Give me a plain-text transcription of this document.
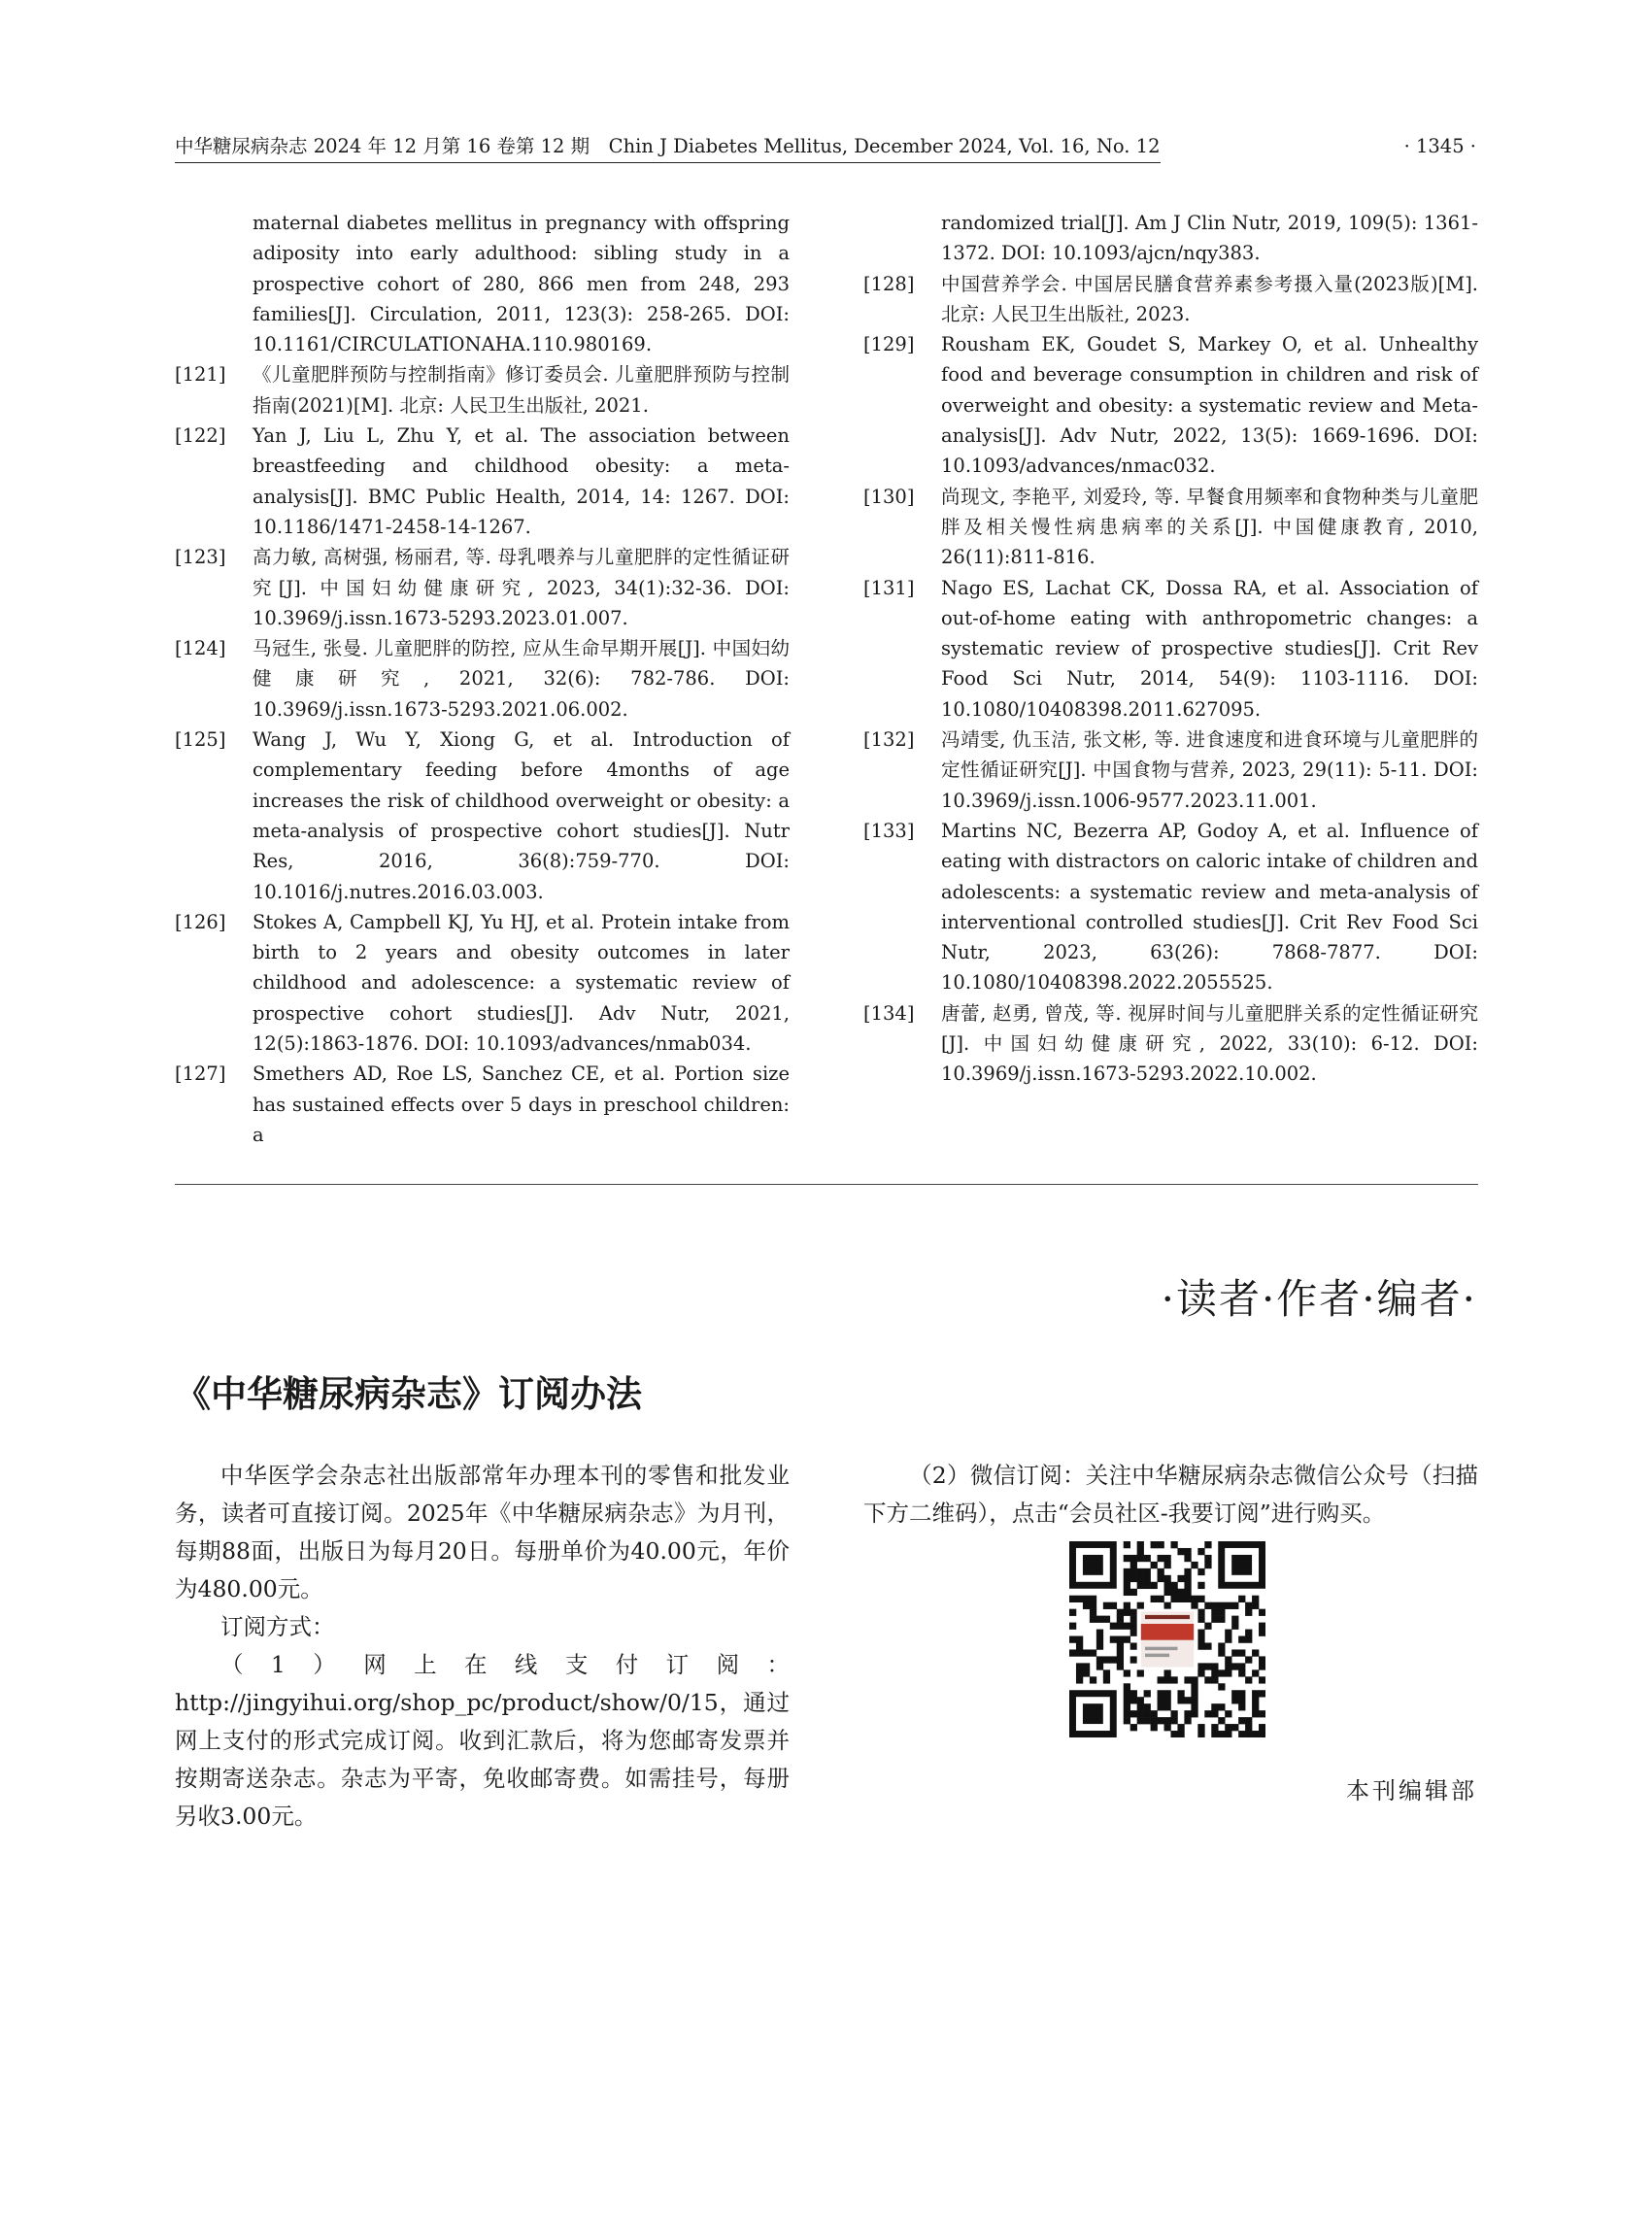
中华糖尿病杂志 2024 年 12 月第 16 卷第 12 期　Chin J Diabetes Mellitus, December 2024, Vol. 16, No. 12	· 1345 ·
maternal diabetes mellitus in pregnancy with offspring adiposity into early adulthood: sibling study in a prospective cohort of 280, 866 men from 248, 293 families[J]. Circulation, 2011, 123(3): 258-265. DOI: 10.1161/CIRCULATIONAHA.110.980169.
[121] 《儿童肥胖预防与控制指南》修订委员会. 儿童肥胖预防与控制指南(2021)[M]. 北京: 人民卫生出版社, 2021.
[122] Yan J, Liu L, Zhu Y, et al. The association between breastfeeding and childhood obesity: a meta-analysis[J]. BMC Public Health, 2014, 14: 1267. DOI: 10.1186/1471-2458-14-1267.
[123] 高力敏, 高树强, 杨丽君, 等. 母乳喂养与儿童肥胖的定性循证研究[J]. 中国妇幼健康研究, 2023, 34(1):32-36. DOI: 10.3969/j.issn.1673-5293.2023.01.007.
[124] 马冠生, 张曼. 儿童肥胖的防控, 应从生命早期开展[J]. 中国妇幼健康研究, 2021, 32(6): 782-786. DOI: 10.3969/j.issn.1673-5293.2021.06.002.
[125] Wang J, Wu Y, Xiong G, et al. Introduction of complementary feeding before 4months of age increases the risk of childhood overweight or obesity: a meta-analysis of prospective cohort studies[J]. Nutr Res, 2016, 36(8):759-770. DOI: 10.1016/j.nutres.2016.03.003.
[126] Stokes A, Campbell KJ, Yu HJ, et al. Protein intake from birth to 2 years and obesity outcomes in later childhood and adolescence: a systematic review of prospective cohort studies[J]. Adv Nutr, 2021, 12(5):1863-1876. DOI: 10.1093/advances/nmab034.
[127] Smethers AD, Roe LS, Sanchez CE, et al. Portion size has sustained effects over 5 days in preschool children: a
randomized trial[J]. Am J Clin Nutr, 2019, 109(5): 1361-1372. DOI: 10.1093/ajcn/nqy383.
[128] 中国营养学会. 中国居民膳食营养素参考摄入量(2023版)[M]. 北京: 人民卫生出版社, 2023.
[129] Rousham EK, Goudet S, Markey O, et al. Unhealthy food and beverage consumption in children and risk of overweight and obesity: a systematic review and Meta-analysis[J]. Adv Nutr, 2022, 13(5): 1669-1696. DOI: 10.1093/advances/nmac032.
[130] 尚现文, 李艳平, 刘爱玲, 等. 早餐食用频率和食物种类与儿童肥胖及相关慢性病患病率的关系[J]. 中国健康教育, 2010, 26(11):811-816.
[131] Nago ES, Lachat CK, Dossa RA, et al. Association of out-of-home eating with anthropometric changes: a systematic review of prospective studies[J]. Crit Rev Food Sci Nutr, 2014, 54(9): 1103-1116. DOI: 10.1080/10408398.2011.627095.
[132] 冯靖雯, 仇玉洁, 张文彬, 等. 进食速度和进食环境与儿童肥胖的定性循证研究[J]. 中国食物与营养, 2023, 29(11): 5-11. DOI: 10.3969/j.issn.1006-9577.2023.11.001.
[133] Martins NC, Bezerra AP, Godoy A, et al. Influence of eating with distractors on caloric intake of children and adolescents: a systematic review and meta-analysis of interventional controlled studies[J]. Crit Rev Food Sci Nutr, 2023, 63(26): 7868-7877. DOI: 10.1080/10408398.2022.2055525.
[134] 唐蕾, 赵勇, 曾茂, 等. 视屏时间与儿童肥胖关系的定性循证研究[J]. 中国妇幼健康研究, 2022, 33(10): 6-12. DOI: 10.3969/j.issn.1673-5293.2022.10.002.
·读者·作者·编者·
《中华糖尿病杂志》订阅办法

中华医学会杂志社出版部常年办理本刊的零售和批发业务，读者可直接订阅。2025年《中华糖尿病杂志》为月刊，每期88面，出版日为每月20日。每册单价为40.00元，年价为480.00元。

订阅方式：

（1）网上在线支付订阅：http://jingyihui.org/shop_pc/product/show/0/15，通过网上支付的形式完成订阅。收到汇款后，将为您邮寄发票并按期寄送杂志。杂志为平寄，免收邮寄费。如需挂号，每册另收3.00元。

（2）微信订阅：关注中华糖尿病杂志微信公众号（扫描下方二维码），点击“会员社区-我要订阅”进行购买。

本刊编辑部
